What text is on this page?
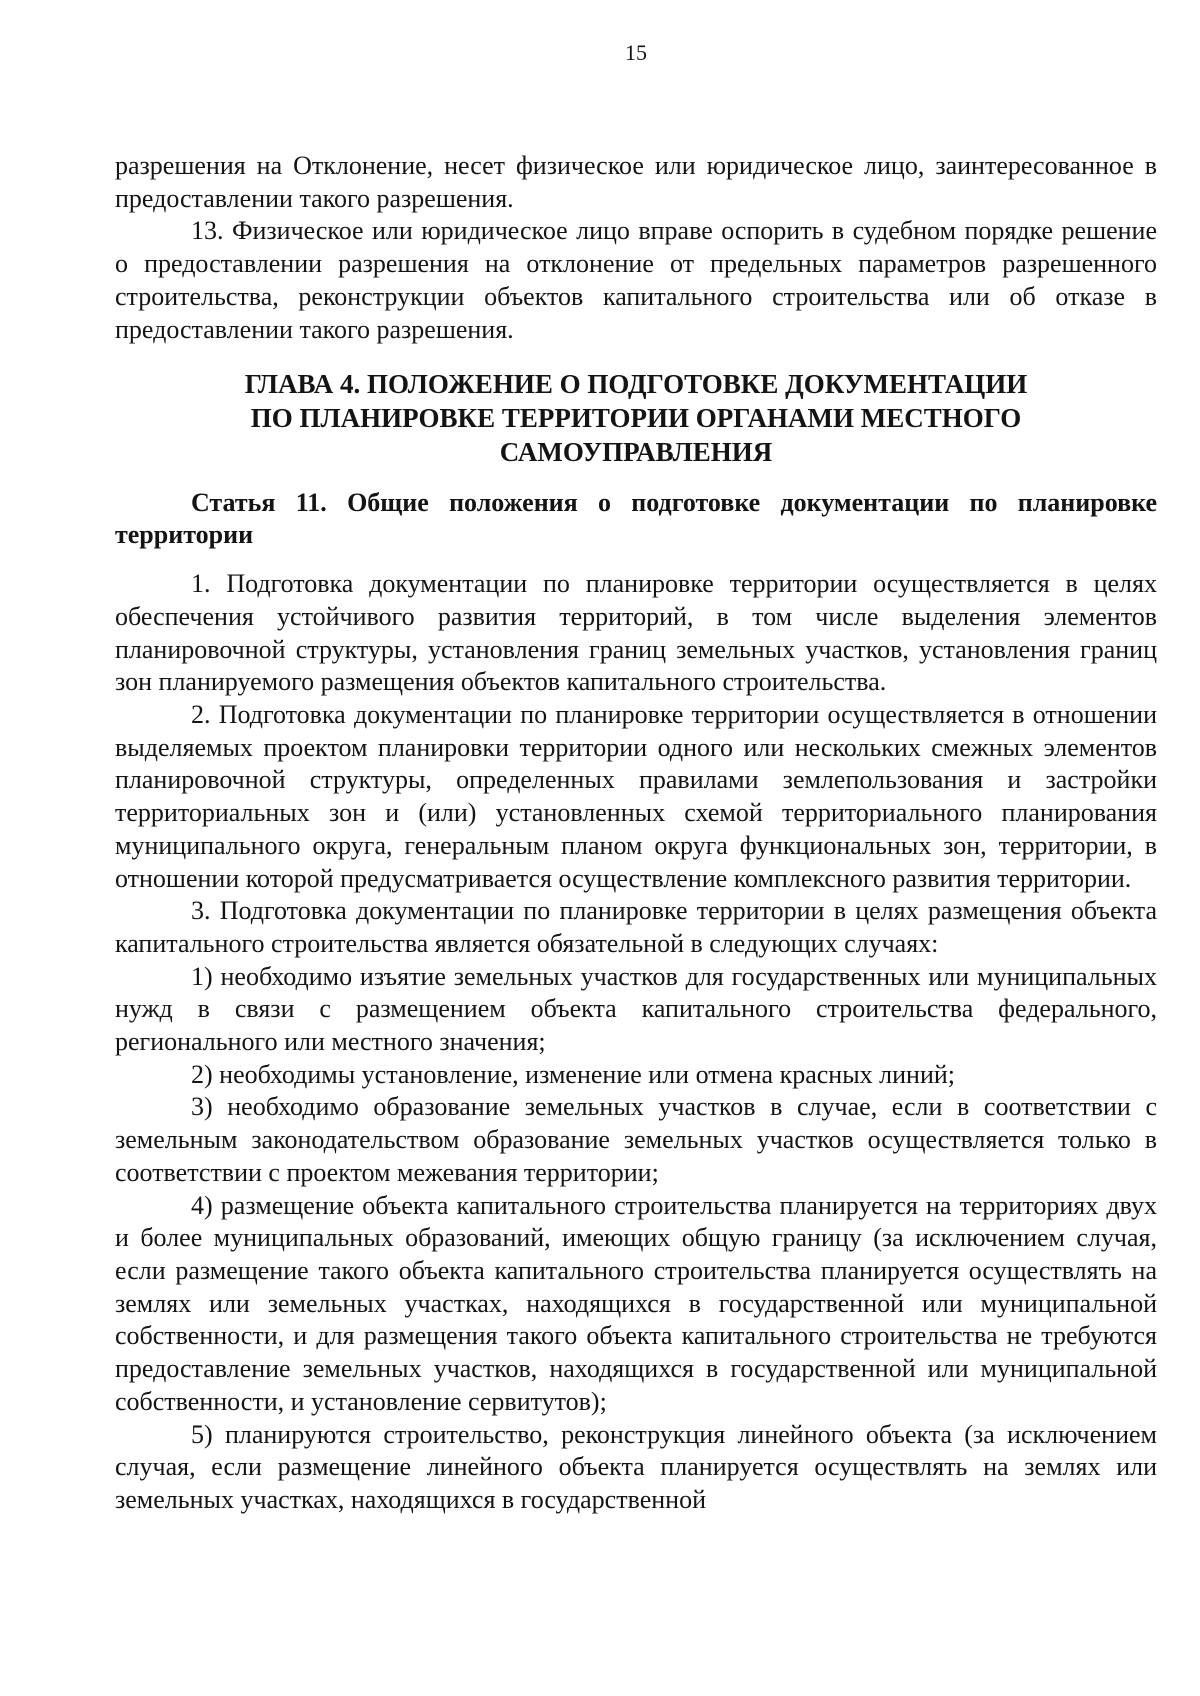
15

разрешения на Отклонение, несет физическое или юридическое лицо, заинтересованное в предоставлении такого разрешения.

13. Физическое или юридическое лицо вправе оспорить в судебном порядке решение о предоставлении разрешения на отклонение от предельных параметров разрешенного строительства, реконструкции объектов капитального строительства или об отказе в предоставлении такого разрешения.

ГЛАВА 4. ПОЛОЖЕНИЕ О ПОДГОТОВКЕ ДОКУМЕНТАЦИИ
ПО ПЛАНИРОВКЕ ТЕРРИТОРИИ ОРГАНАМИ МЕСТНОГО
САМОУПРАВЛЕНИЯ
Статья 11. Общие положения о подготовке документации по планировке территории

1. Подготовка документации по планировке территории осуществляется в целях обеспечения устойчивого развития территорий, в том числе выделения элементов планировочной структуры, установления границ земельных участков, установления границ зон планируемого размещения объектов капитального строительства.

2. Подготовка документации по планировке территории осуществляется в отношении выделяемых проектом планировки территории одного или нескольких смежных элементов планировочной структуры, определенных правилами землепользования и застройки территориальных зон и (или) установленных схемой территориального планирования муниципального округа, генеральным планом округа функциональных зон, территории, в отношении которой предусматривается осуществление комплексного развития территории.

3. Подготовка документации по планировке территории в целях размещения объекта капитального строительства является обязательной в следующих случаях:

1) необходимо изъятие земельных участков для государственных или муниципальных нужд в связи с размещением объекта капитального строительства федерального, регионального или местного значения;

2) необходимы установление, изменение или отмена красных линий;

3) необходимо образование земельных участков в случае, если в соответствии с земельным законодательством образование земельных участков осуществляется только в соответствии с проектом межевания территории;

4) размещение объекта капитального строительства планируется на территориях двух и более муниципальных образований, имеющих общую границу (за исключением случая, если размещение такого объекта капитального строительства планируется осуществлять на землях или земельных участках, находящихся в государственной или муниципальной собственности, и для размещения такого объекта капитального строительства не требуются предоставление земельных участков, находящихся в государственной или муниципальной собственности, и установление сервитутов);

5) планируются строительство, реконструкция линейного объекта (за исключением случая, если размещение линейного объекта планируется осуществлять на землях или земельных участках, находящихся в государственной
